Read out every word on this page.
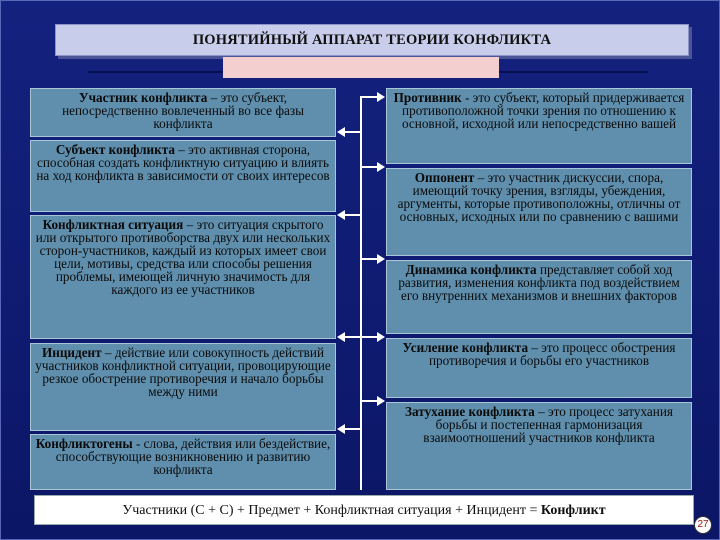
ПОНЯТИЙНЫЙ АППАРАТ ТЕОРИИ КОНФЛИКТА
Участник конфликта – это субъект, непосредственно вовлеченный во все фазы конфликта
Субъект конфликта – это активная сторона, способная создать конфликтную ситуацию и влиять на ход конфликта в зависимости от своих интересов
Конфликтная ситуация – это ситуация скрытого или открытого противоборства двух или нескольких сторон-участников, каждый из которых имеет свои цели, мотивы, средства или способы решения проблемы, имеющей личную значимость для каждого из ее участников
Инцидент – действие или совокупность действий участников конфликтной ситуации, провоцирующие резкое обострение противоречия и начало борьбы между ними
Конфликтогены - слова, действия или бездействие, способствующие возникновению и развитию конфликта
Противник - это субъект, который придерживается противоположной точки зрения по отношению к основной, исходной или непосредственно вашей
Оппонент – это участник дискуссии, спора, имеющий точку зрения, взгляды, убеждения, аргументы, которые противоположны, отличны от основных, исходных или по сравнению с вашими
Динамика конфликта представляет собой ход развития, изменения конфликта под воздействием его внутренних механизмов и внешних факторов
Усиление конфликта – это процесс обострения противоречия и борьбы его участников
Затухание конфликта – это процесс затухания борьбы и постепенная гармонизация взаимоотношений участников конфликта
Участники (С + С) + Предмет + Конфликтная ситуация + Инцидент = Конфликт
27
